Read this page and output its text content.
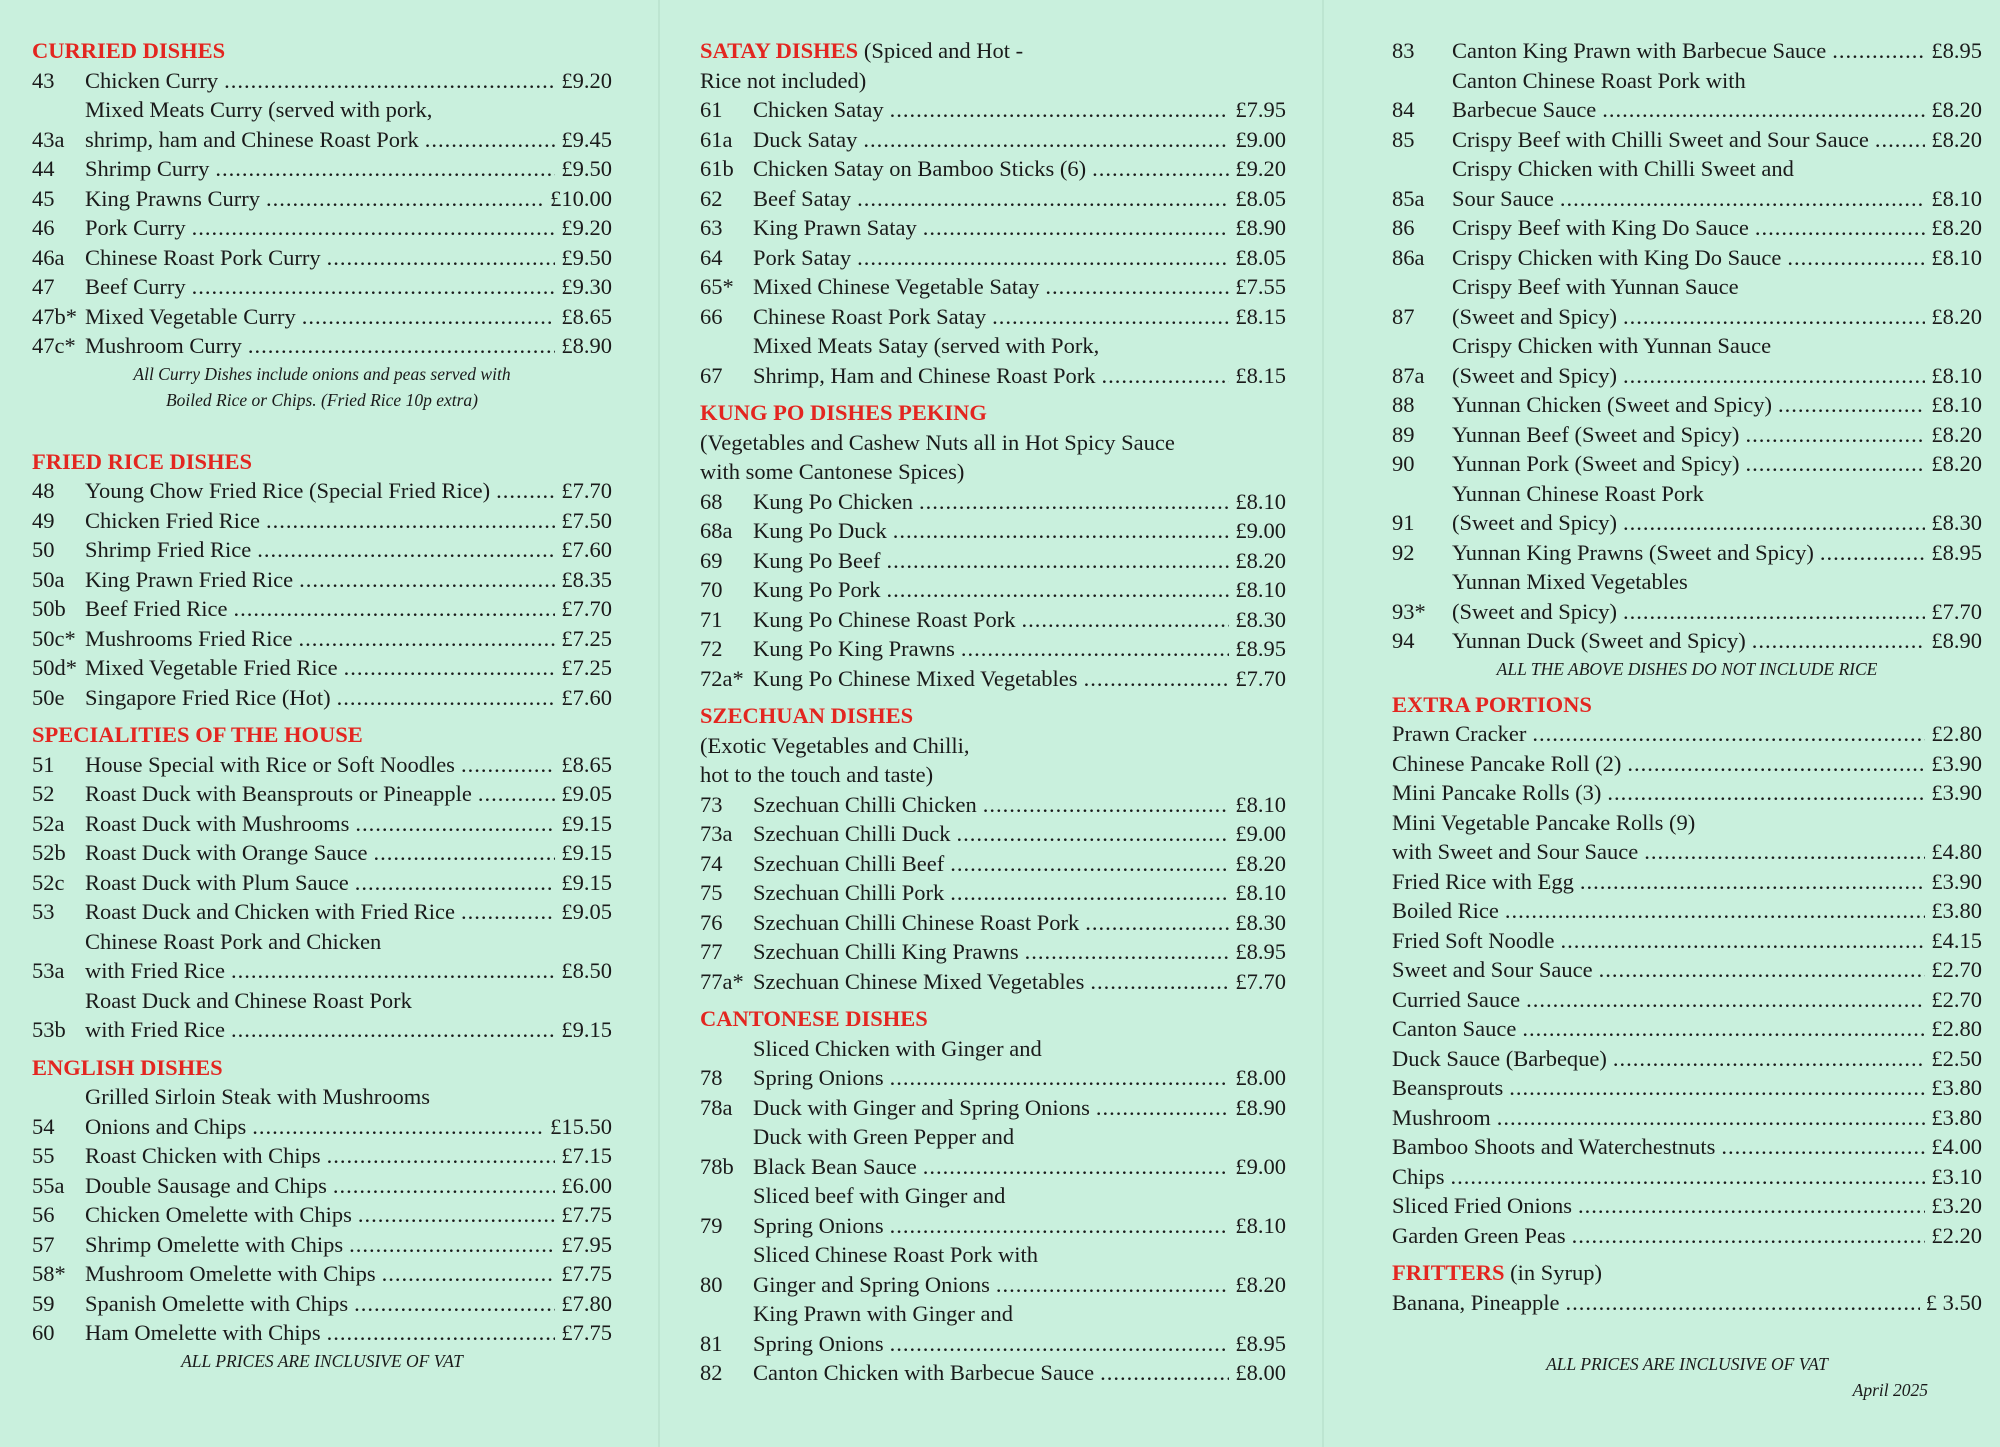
CURRIED DISHES
43	Chicken Curry .....	£9.20
43a
Mixed Meats Curry (served with pork,
shrimp, ham and Chinese Roast Pork .....	£9.45
44	Shrimp Curry .....	£9.50
45	King Prawns Curry .....	£10.00
46	Pork Curry .....	£9.20
46a Chinese Roast Pork Curry .....	£9.50
47	Beef Curry .....	£9.30
47b* Mixed Vegetable Curry .....	£8.65
47c* Mushroom Curry .....	£8.90
All Curry Dishes include onions and peas served with
Boiled Rice or Chips. (Fried Rice 10p extra)
FRIED RICE DISHES
48	Young Chow Fried Rice (Special Fried Rice) .....	£7.70
49	Chicken Fried Rice .....	£7.50
50	Shrimp Fried Rice .....	£7.60
50a King Prawn Fried Rice .....	£8.35
50b Beef Fried Rice .....	£7.70
50c* Mushrooms Fried Rice .....	£7.25
50d* Mixed Vegetable Fried Rice .....	£7.25
50e Singapore Fried Rice (Hot) .....	£7.60
SPECIALITIES OF THE HOUSE
51	House Special with Rice or Soft Noodles .....	£8.65
52	Roast Duck with Beansprouts or Pineapple .....	£9.05
52a Roast Duck with Mushrooms .....	£9.15
52b Roast Duck with Orange Sauce .....	£9.15
52c Roast Duck with Plum Sauce .....	£9.15
53	Roast Duck and Chicken with Fried Rice .....	£9.05
53a
Chinese Roast Pork and Chicken
with Fried Rice .....	£8.50
53b
Roast Duck and Chinese Roast Pork
with Fried Rice .....	£9.15
ENGLISH DISHES
54
Grilled Sirloin Steak with Mushrooms
Onions and Chips .....	£15.50
55	Roast Chicken with Chips .....	£7.15
55a Double Sausage and Chips .....	£6.00
56	Chicken Omelette with Chips .....	£7.75
57	Shrimp Omelette with Chips .....	£7.95
58* Mushroom Omelette with Chips .....	£7.75
59	Spanish Omelette with Chips .....	£7.80
60	Ham Omelette with Chips .....	£7.75
ALL PRICES ARE INCLUSIVE OF VAT
SATAY DISHES (Spiced and Hot -
Rice not included)
61	Chicken Satay .....	£7.95
61a Duck Satay .....	£9.00
61b Chicken Satay on Bamboo Sticks (6) .....	£9.20
62	Beef Satay .....	£8.05
63	King Prawn Satay .....	£8.90
64	Pork Satay .....	£8.05
65* Mixed Chinese Vegetable Satay .....	£7.55
66	Chinese Roast Pork Satay .....	£8.15
67
Mixed Meats Satay (served with Pork,
Shrimp, Ham and Chinese Roast Pork .....	£8.15
KUNG PO DISHES PEKING
(Vegetables and Cashew Nuts all in Hot Spicy Sauce
with some Cantonese Spices)
68	Kung Po Chicken .....	£8.10
68a Kung Po Duck .....	£9.00
69	Kung Po Beef .....	£8.20
70	Kung Po Pork .....	£8.10
71	Kung Po Chinese Roast Pork .....	£8.30
72	Kung Po King Prawns .....	£8.95
72a* Kung Po Chinese Mixed Vegetables .....	£7.70
SZECHUAN DISHES
(Exotic Vegetables and Chilli,
hot to the touch and taste)
73	Szechuan Chilli Chicken .....	£8.10
73a Szechuan Chilli Duck .....	£9.00
74	Szechuan Chilli Beef .....	£8.20
75	Szechuan Chilli Pork .....	£8.10
76	Szechuan Chilli Chinese Roast Pork .....	£8.30
77	Szechuan Chilli King Prawns .....	£8.95
77a* Szechuan Chinese Mixed Vegetables .....	£7.70
CANTONESE DISHES
78
Sliced Chicken with Ginger and
Spring Onions .....	£8.00
78a Duck with Ginger and Spring Onions .....	£8.90
78b
Duck with Green Pepper and
Black Bean Sauce .....	£9.00
79
Sliced beef with Ginger and
Spring Onions .....	£8.10
80
Sliced Chinese Roast Pork with
Ginger and Spring Onions .....	£8.20
81
King Prawn with Ginger and
Spring Onions .....	£8.95
82	Canton Chicken with Barbecue Sauce .....	£8.00
83	Canton King Prawn with Barbecue Sauce .....	£8.95
84
Canton Chinese Roast Pork with
Barbecue Sauce .....	£8.20
85	Crispy Beef with Chilli Sweet and Sour Sauce .....	£8.20
85a
Crispy Chicken with Chilli Sweet and
Sour Sauce .....	£8.10
86	Crispy Beef with King Do Sauce .....	£8.20
86a	Crispy Chicken with King Do Sauce .....	£8.10
87
Crispy Beef with Yunnan Sauce
(Sweet and Spicy) .....	£8.20
87a
Crispy Chicken with Yunnan Sauce
(Sweet and Spicy) .....	£8.10
88	Yunnan Chicken (Sweet and Spicy) .....	£8.10
89	Yunnan Beef (Sweet and Spicy) .....	£8.20
90	Yunnan Pork (Sweet and Spicy) .....	£8.20
91
Yunnan Chinese Roast Pork
(Sweet and Spicy) .....	£8.30
92	Yunnan King Prawns (Sweet and Spicy) .....	£8.95
93*
Yunnan Mixed Vegetables
(Sweet and Spicy) .....	£7.70
94	Yunnan Duck (Sweet and Spicy) .....	£8.90
ALL THE ABOVE DISHES DO NOT INCLUDE RICE
EXTRA PORTIONS
Prawn Cracker .....	£2.80
Chinese Pancake Roll (2) .....	£3.90
Mini Pancake Rolls (3) .....	£3.90
Mini Vegetable Pancake Rolls (9)
with Sweet and Sour Sauce .....	£4.80
Fried Rice with Egg .....	£3.90
Boiled Rice .....	£3.80
Fried Soft Noodle .....	£4.15
Sweet and Sour Sauce .....	£2.70
Curried Sauce .....	£2.70
Canton Sauce .....	£2.80
Duck Sauce (Barbeque) .....	£2.50
Beansprouts .....	£3.80
Mushroom .....	£3.80
Bamboo Shoots and Waterchestnuts .....	£4.00
Chips .....	£3.10
Sliced Fried Onions .....	£3.20
Garden Green Peas .....	£2.20
FRITTERS (in Syrup)
Banana, Pineapple .....	£ 3.50
ALL PRICES ARE INCLUSIVE OF VAT
April 2025
